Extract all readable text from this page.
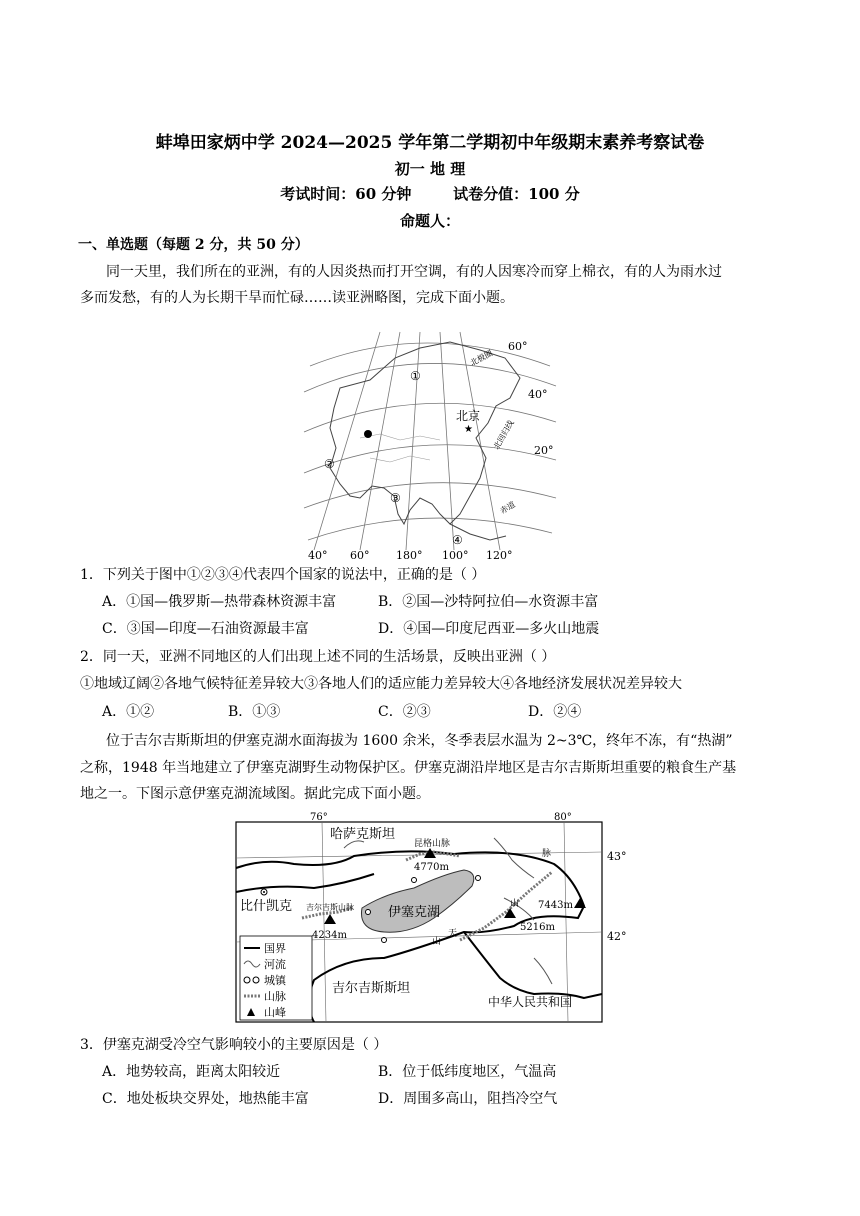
蚌埠田家炳中学 2024—2025 学年第二学期初中年级期末素养考察试卷
初一 地 理
考试时间：60 分钟        试卷分值：100 分
命题人：
一、单选题（每题 2 分，共 50 分）
同一天里，我们所在的亚洲，有的人因炎热而打开空调，有的人因寒冷而穿上棉衣，有的人为雨水过
多而发愁，有的人为长期干旱而忙碌……读亚洲略图，完成下面小题。
60°
40°
20°
北极圈
北回归线
赤道
40° 60° 180° 100° 120°
北京
★
①
②
③
④
1．下列关于图中①②③④代表四个国家的说法中，正确的是（ ）
A．①国—俄罗斯—热带森林资源丰富	B．②国—沙特阿拉伯—水资源丰富
C．③国—印度—石油资源最丰富	D．④国—印度尼西亚—多火山地震
2．同一天，亚洲不同地区的人们出现上述不同的生活场景，反映出亚洲（ ）
①地域辽阔②各地气候特征差异较大③各地人们的适应能力差异较大④各地经济发展状况差异较大
A．①②	B．①③	C．②③	D．②④
位于吉尔吉斯斯坦的伊塞克湖水面海拔为 1600 余米，冬季表层水温为 2~3℃，终年不冻，有“热湖”
之称，1948 年当地建立了伊塞克湖野生动物保护区。伊塞克湖沿岸地区是吉尔吉斯斯坦重要的粮食生产基
地之一。下图示意伊塞克湖流域图。据此完成下面小题。
76°	80°
哈萨克斯坦
吉尔吉斯斯坦
中华人民共和国
比什凯克	伊塞克湖
昆格山脉
吉尔吉斯山脉
天
山
脉
山
4770m
4234m
5216m
7443m
国界
河流
城镇
山脉
山峰
43°
42°
3．伊塞克湖受冷空气影响较小的主要原因是（ ）
A．地势较高，距离太阳较近	B．位于低纬度地区，气温高
C．地处板块交界处，地热能丰富	D．周围多高山，阻挡冷空气
